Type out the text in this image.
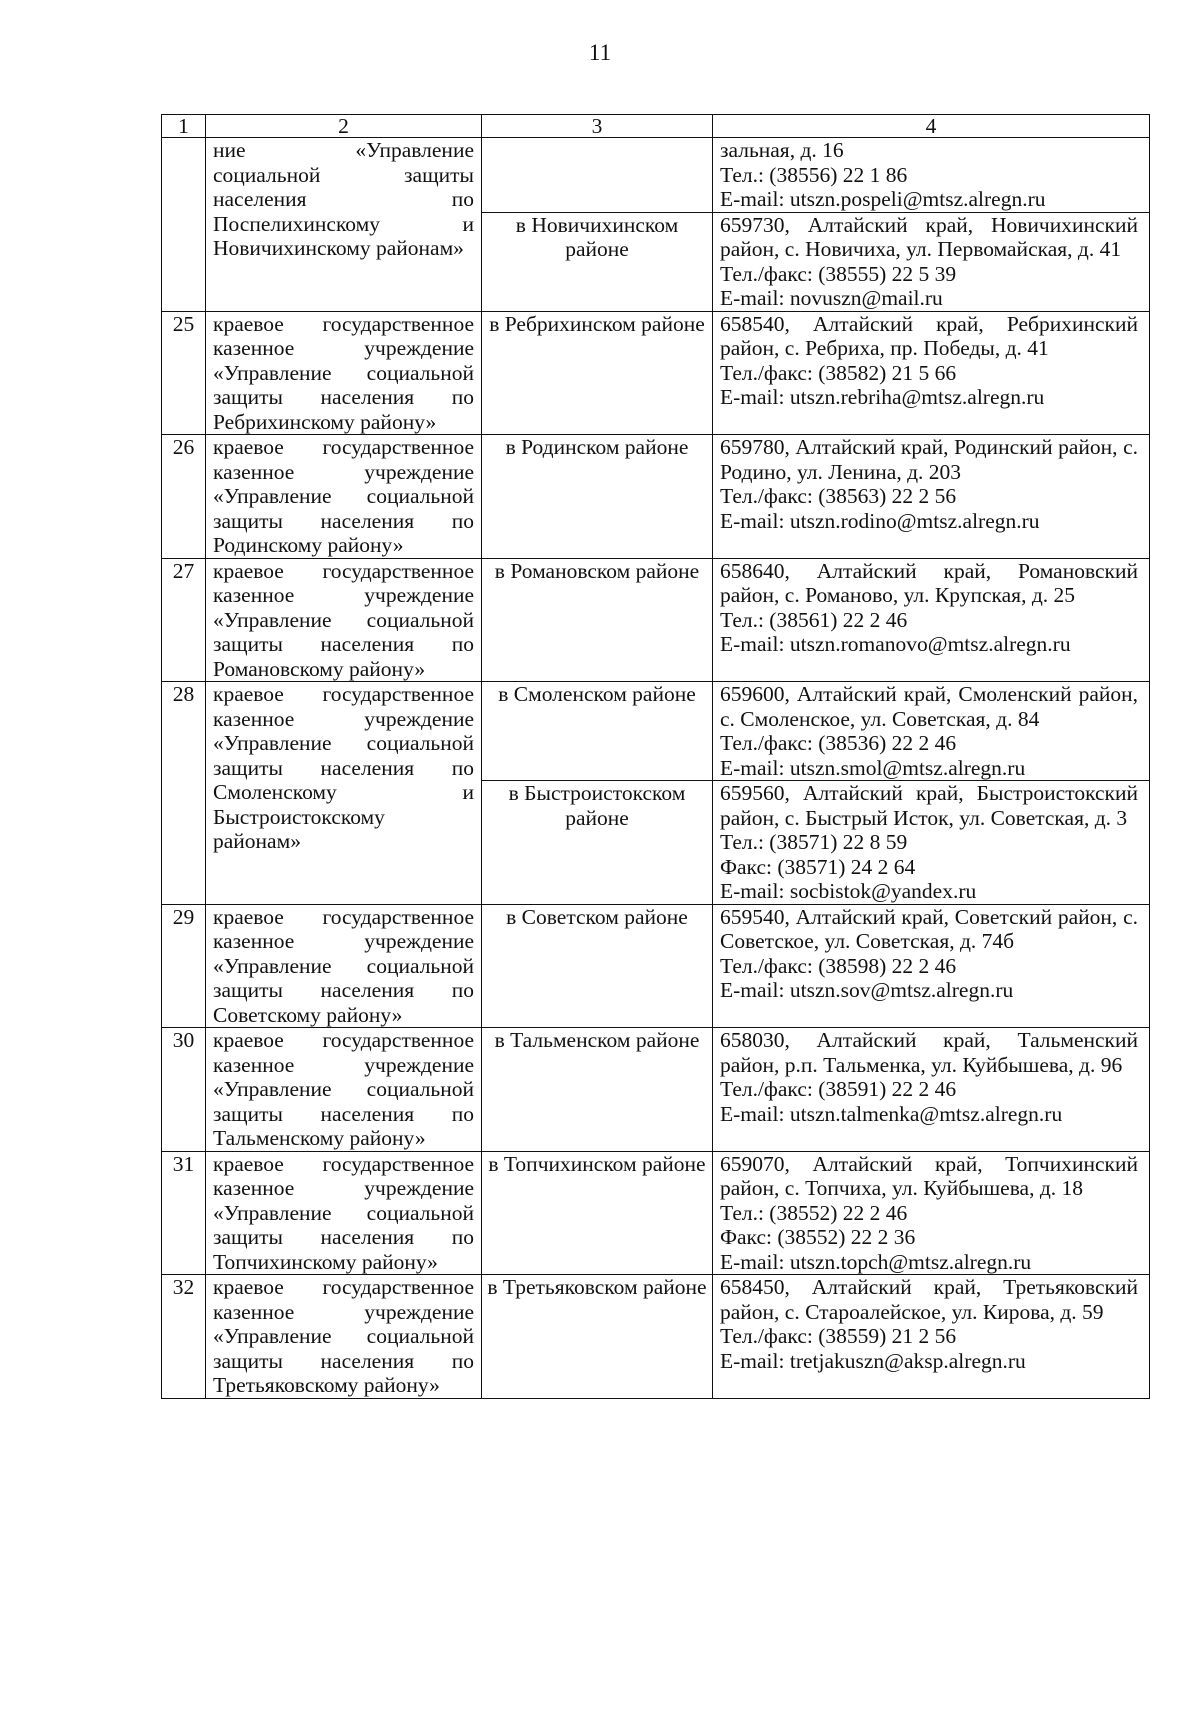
11
1	2	3	4
	ние «Управление социальной защиты населения по Поспелихинскому и Новичихинскому районам»		зальная, д. 16
Тел.: (38556) 22 1 86
E-mail: utszn.pospeli@mtsz.alregn.ru

		в Новичихинском районе	659730, Алтайский край, Новичихинский район, с. Новичиха, ул. Первомайская, д. 41
Тел./факс: (38555) 22 5 39
E-mail: novuszn@mail.ru

25	краевое государственное казенное учреждение «Управление социальной защиты населения по Ребрихинскому району»	в Ребрихинском районе	658540, Алтайский край, Ребрихинский район, с. Ребриха, пр. Победы, д. 41
Тел./факс: (38582) 21 5 66
E-mail: utszn.rebriha@mtsz.alregn.ru

26	краевое государственное казенное учреждение «Управление социальной защиты населения по Родинскому району»	в Родинском районе	659780, Алтайский край, Родинский район, с. Родино, ул. Ленина, д. 203
Тел./факс: (38563) 22 2 56
E-mail: utszn.rodino@mtsz.alregn.ru

27	краевое государственное казенное учреждение «Управление социальной защиты населения по Романовскому району»	в Романовском районе	658640, Алтайский край, Романовский район, с. Романово, ул. Крупская, д. 25
Тел.: (38561) 22 2 46
E-mail: utszn.romanovo@mtsz.alregn.ru

28	краевое государственное казенное учреждение «Управление социальной защиты населения по Смоленскому и Быстроистокскому районам»	в Смоленском районе	659600, Алтайский край, Смоленский район, с. Смоленское, ул. Советская, д. 84
Тел./факс: (38536) 22 2 46
E-mail: utszn.smol@mtsz.alregn.ru

		в Быстроистокском районе	659560, Алтайский край, Быстроистокский район, с. Быстрый Исток, ул. Советская, д. 3
Тел.: (38571) 22 8 59
Факс: (38571) 24 2 64
E-mail: socbistok@yandex.ru

29	краевое государственное казенное учреждение «Управление социальной защиты населения по Советскому району»	в Советском районе	659540, Алтайский край, Советский район, с. Советское, ул. Советская, д. 74б
Тел./факс: (38598) 22 2 46
E-mail: utszn.sov@mtsz.alregn.ru

30	краевое государственное казенное учреждение «Управление социальной защиты населения по Тальменскому району»	в Тальменском районе	658030, Алтайский край, Тальменский район, р.п. Тальменка, ул. Куйбышева, д. 96
Тел./факс: (38591) 22 2 46
E-mail: utszn.talmenka@mtsz.alregn.ru

31	краевое государственное казенное учреждение «Управление социальной защиты населения по Топчихинскому району»	в Топчихинском районе	659070, Алтайский край, Топчихинский район, с. Топчиха, ул. Куйбышева, д. 18
Тел.: (38552) 22 2 46
Факс: (38552) 22 2 36
E-mail: utszn.topch@mtsz.alregn.ru

32	краевое государственное казенное учреждение «Управление социальной защиты населения по Третьяковскому району»	в Третьяковском районе	658450, Алтайский край, Третьяковский район, с. Староалейское, ул. Кирова, д. 59
Тел./факс: (38559) 21 2 56
E-mail: tretjakuszn@aksp.alregn.ru
